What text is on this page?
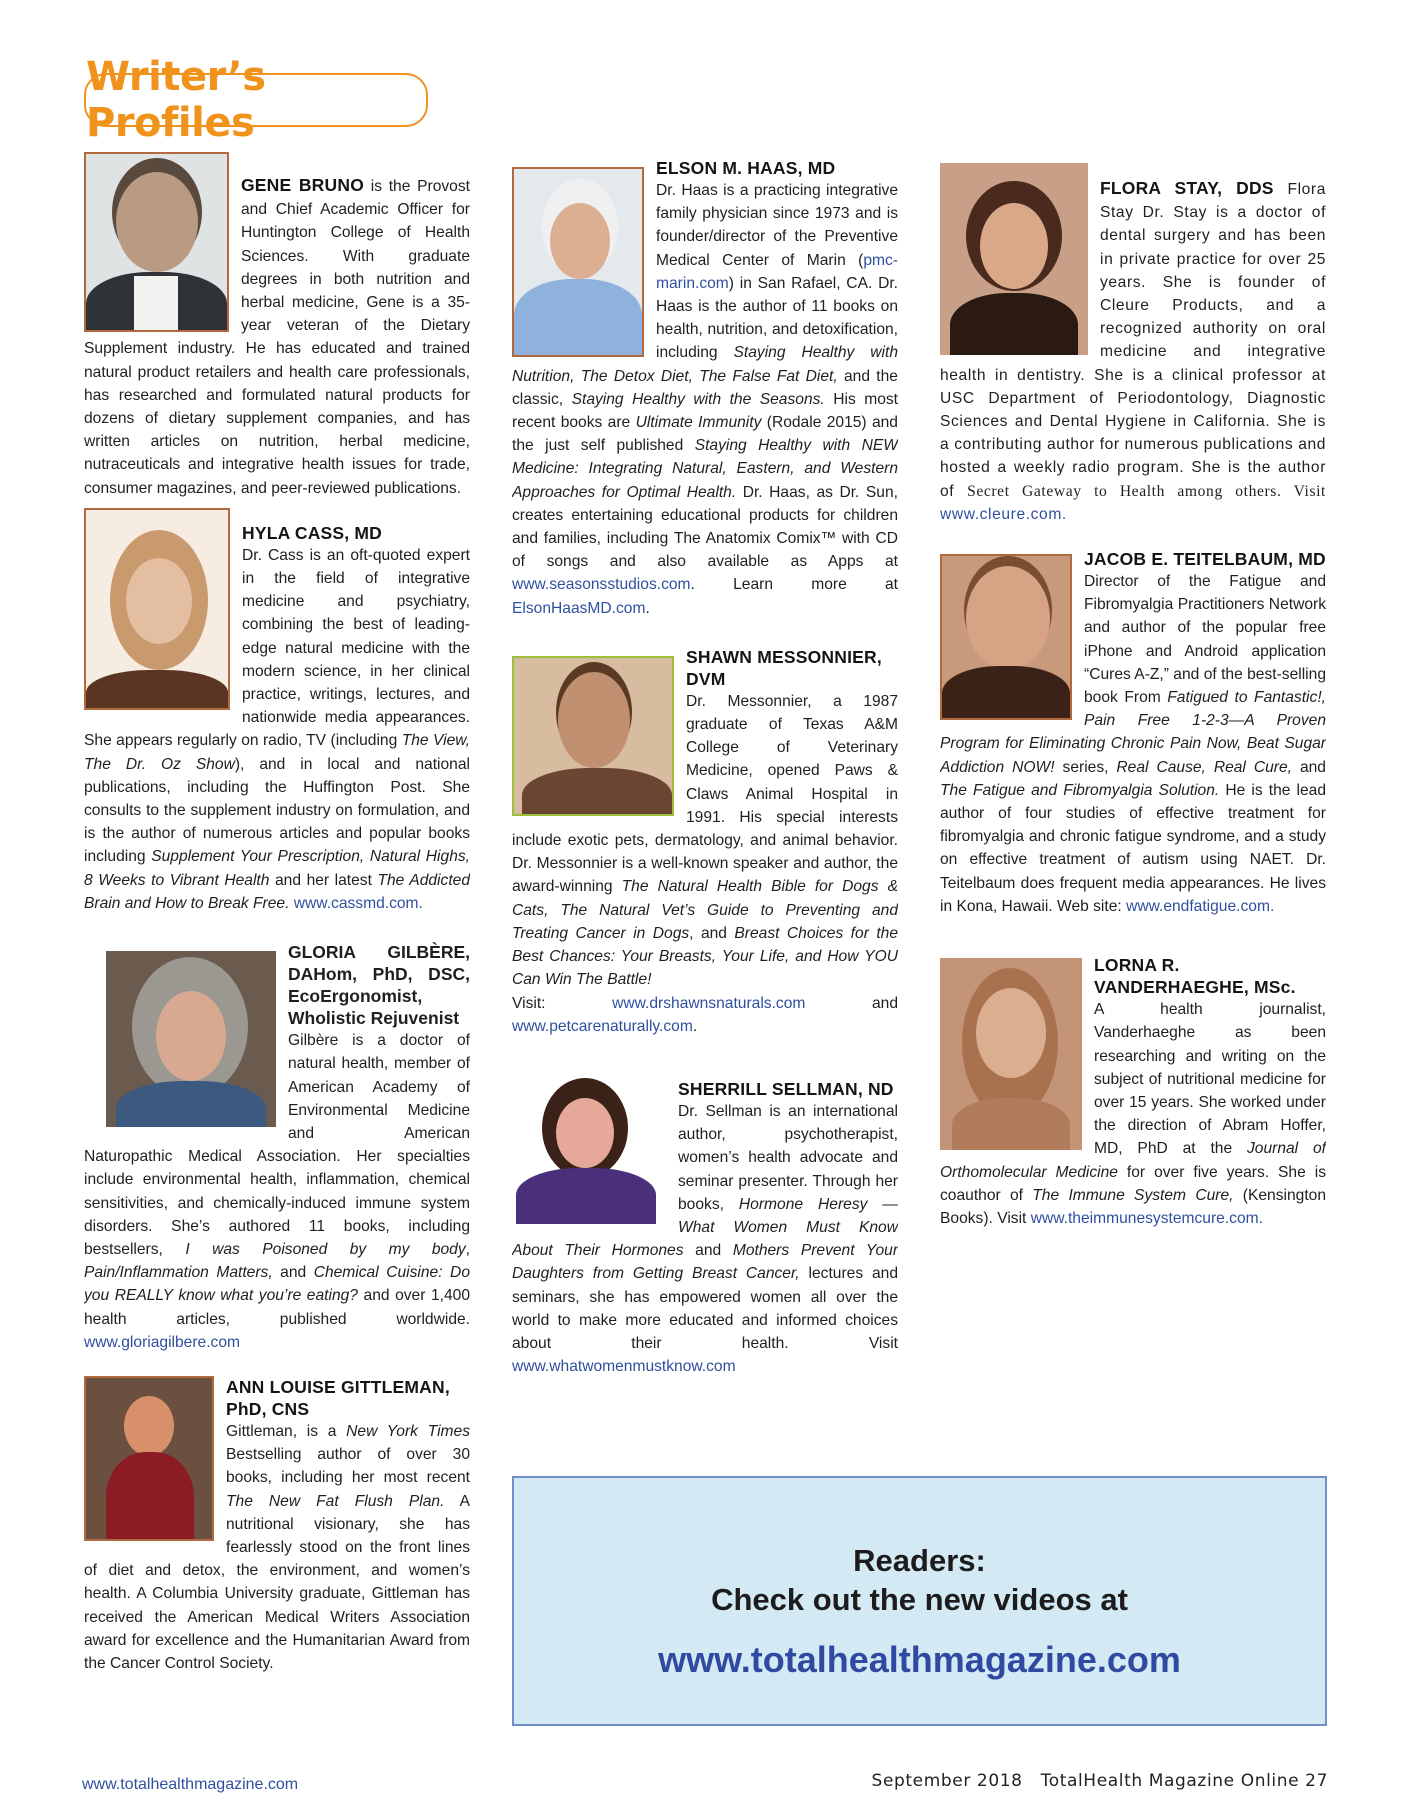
Writer’s Profiles
GENE BRUNO is the Provost and Chief Academic Officer for Huntington College of Health Sciences. With graduate degrees in both nutrition and herbal medicine, Gene is a 35-year veteran of the Dietary Supplement industry. He has educated and trained natural product retailers and health care professionals, has researched and formulated natural products for dozens of dietary supplement companies, and has written articles on nutrition, herbal medicine, nutraceuticals and integrative health issues for trade, consumer magazines, and peer-reviewed publications.
HYLA CASS, MD
Dr. Cass is an oft-quoted expert in the field of integrative medicine and psychiatry, combining the best of leading-edge natural medicine with the modern science, in her clinical practice, writings, lectures, and nationwide media appearances. She appears regularly on radio, TV (including The View, The Dr. Oz Show), and in local and national publications, including the Huffington Post. She consults to the supplement industry on formulation, and is the author of numerous articles and popular books including Supplement Your Prescription, Natural Highs, 8 Weeks to Vibrant Health and her latest The Addicted Brain and How to Break Free. www.cassmd.com.
GLORIA GILBÈRE, DAHom, PhD, DSC, EcoErgonomist, Wholistic Rejuvenist
Gilbère is a doctor of natural health, member of American Academy of Environmental Medicine and American Naturopathic Medical Association. Her specialties include environmental health, inflammation, chemical sensitivities, and chemically-induced immune system disorders. She’s authored 11 books, including bestsellers, I was Poisoned by my body, Pain/Inflammation Matters, and Chemical Cuisine: Do you REALLY know what you’re eating? and over 1,400 health articles, published worldwide. www.gloriagilbere.com
ANN LOUISE GITTLEMAN, PhD, CNS
Gittleman, is a New York Times Bestselling author of over 30 books, including her most recent The New Fat Flush Plan. A nutritional visionary, she has fearlessly stood on the front lines of diet and detox, the environment, and women’s health. A Columbia University graduate, Gittleman has received the American Medical Writers Association award for excellence and the Humanitarian Award from the Cancer Control Society.
ELSON M. HAAS, MD
Dr. Haas is a practicing integrative family physician since 1973 and is founder/director of the Preventive Medical Center of Marin (pmc-marin.com) in San Rafael, CA. Dr. Haas is the author of 11 books on health, nutrition, and detoxification, including Staying Healthy with Nutrition, The Detox Diet, The False Fat Diet, and the classic, Staying Healthy with the Seasons. His most recent books are Ultimate Immunity (Rodale 2015) and the just self published Staying Healthy with NEW Medicine: Integrating Natural, Eastern, and Western Approaches for Optimal Health. Dr. Haas, as Dr. Sun, creates entertaining educational products for children and families, including The Anatomix Comix™ with CD of songs and also available as Apps at www.seasonsstudios.com. Learn more at ElsonHaasMD.com.
SHAWN MESSONNIER, DVM
Dr. Messonnier, a 1987 graduate of Texas A&M College of Veterinary Medicine, opened Paws & Claws Animal Hospital in 1991. His special interests include exotic pets, dermatology, and animal behavior. Dr. Messonnier is a well-known speaker and author, the award-winning The Natural Health Bible for Dogs & Cats, The Natural Vet’s Guide to Preventing and Treating Cancer in Dogs, and Breast Choices for the Best Chances: Your Breasts, Your Life, and How YOU Can Win The Battle!
Visit: www.drshawnsnaturals.com and www.petcarenaturally.com.
SHERRILL SELLMAN, ND
Dr. Sellman is an international author, psychotherapist, women’s health advocate and seminar presenter. Through her books, Hormone Heresy — What Women Must Know About Their Hormones and Mothers Prevent Your Daughters from Getting Breast Cancer, lectures and seminars, she has empowered women all over the world to make more educated and informed choices about their health. Visit www.whatwomenmustknow.com
FLORA STAY, DDS Flora Stay Dr. Stay is a doctor of dental surgery and has been in private practice for over 25 years. She is founder of Cleure Products, and a recognized authority on oral medicine and integrative health in dentistry. She is a clinical professor at USC Department of Periodontology, Diagnostic Sciences and Dental Hygiene in California. She is a contributing author for numerous publications and hosted a weekly radio program. She is the author of Secret Gateway to Health among others. Visit www.cleure.com.
JACOB E. TEITELBAUM, MD
Director of the Fatigue and Fibromyalgia Practitioners Network and author of the popular free iPhone and Android application “Cures A-Z,” and of the best-selling book From Fatigued to Fantastic!, Pain Free 1-2-3—A Proven Program for Eliminating Chronic Pain Now, Beat Sugar Addiction NOW! series, Real Cause, Real Cure, and The Fatigue and Fibromyalgia Solution. He is the lead author of four studies of effective treatment for fibromyalgia and chronic fatigue syndrome, and a study on effective treatment of autism using NAET. Dr. Teitelbaum does frequent media appearances. He lives in Kona, Hawaii. Web site: www.endfatigue.com.
LORNA R. VANDERHAEGHE, MSc.
A health journalist, Vanderhaeghe as been researching and writing on the subject of nutritional medicine for over 15 years. She worked under the direction of Abram Hoffer, MD, PhD at the Journal of Orthomolecular Medicine for over five years. She is coauthor of The Immune System Cure, (Kensington Books). Visit www.theimmunesystemcure.com.
Readers:
Check out the new videos at
www.totalhealthmagazine.com
www.totalhealthmagazine.com	September 2018 TotalHealth Magazine Online 27
